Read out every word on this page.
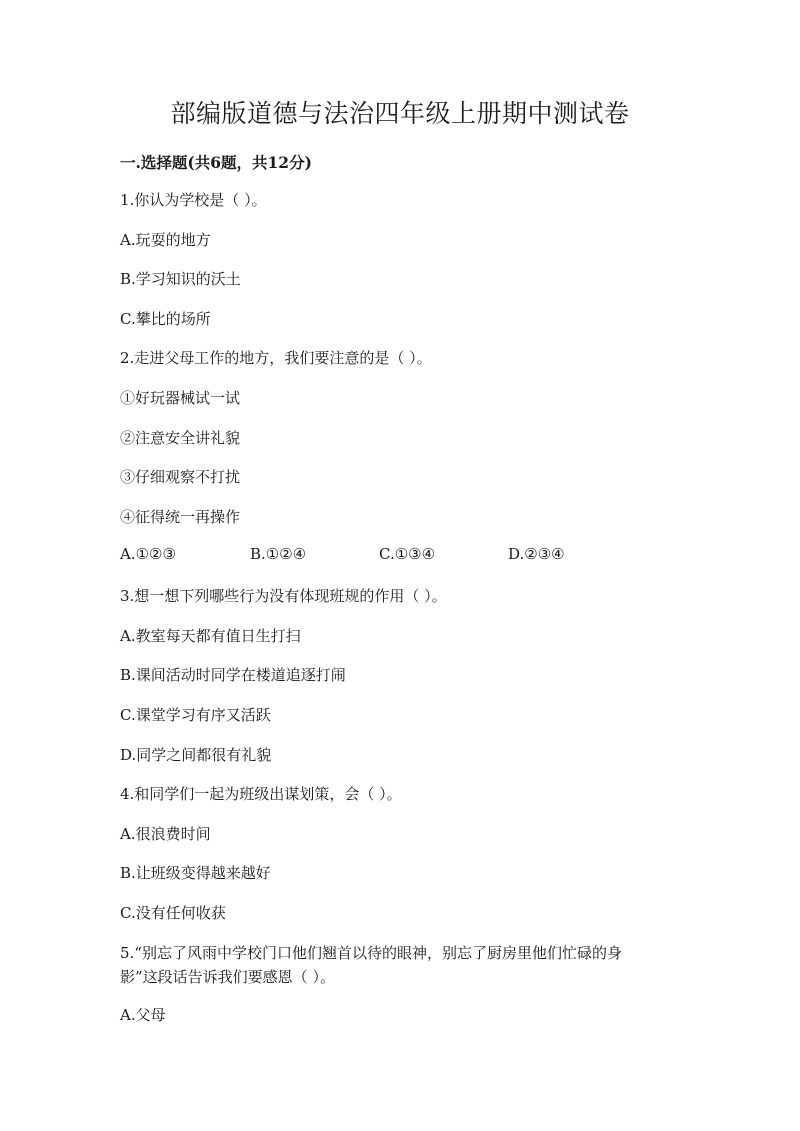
部编版道德与法治四年级上册期中测试卷
一.选择题(共6题，共12分)
1.你认为学校是（ ）。
A.玩耍的地方
B.学习知识的沃土
C.攀比的场所
2.走进父母工作的地方，我们要注意的是（ ）。
①好玩器械试一试
②注意安全讲礼貌
③仔细观察不打扰
④征得统一再操作
A.①②③	B.①②④	C.①③④	D.②③④
3.想一想下列哪些行为没有体现班规的作用（ ）。
A.教室每天都有值日生打扫
B.课间活动时同学在楼道追逐打闹
C.课堂学习有序又活跃
D.同学之间都很有礼貌
4.和同学们一起为班级出谋划策，会（ ）。
A.很浪费时间
B.让班级变得越来越好
C.没有任何收获
5.“别忘了风雨中学校门口他们翘首以待的眼神，别忘了厨房里他们忙碌的身
影”这段话告诉我们要感恩（ ）。
A.父母
